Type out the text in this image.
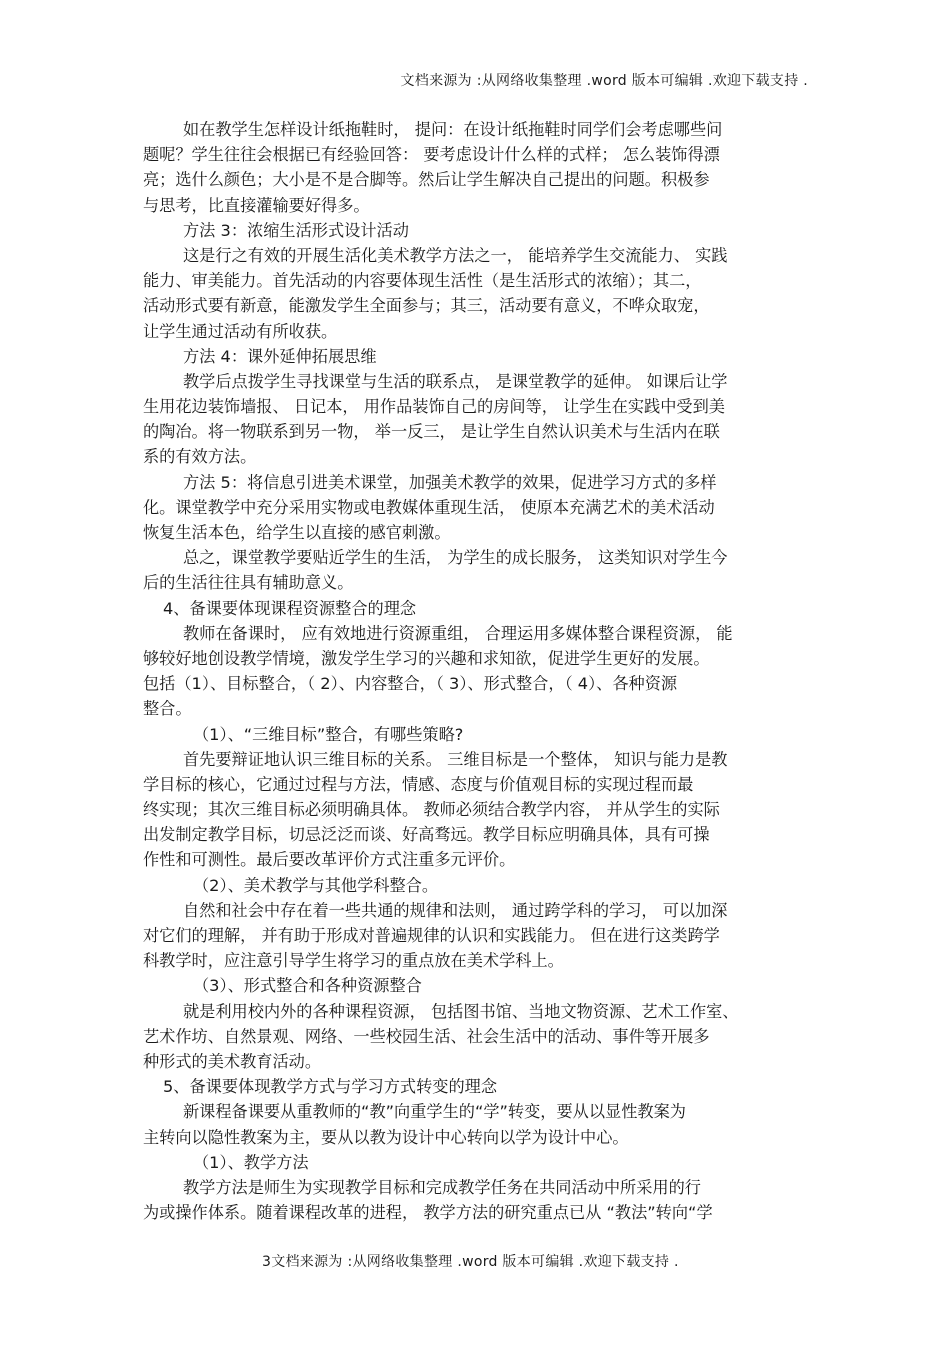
文档来源为 :从网络收集整理 .word 版本可编辑 .欢迎下载支持 .
如在教学生怎样设计纸拖鞋时， 提问：在设计纸拖鞋时同学们会考虑哪些问
题呢？学生往往会根据已有经验回答： 要考虑设计什么样的式样； 怎么装饰得漂
亮；选什么颜色；大小是不是合脚等。然后让学生解决自己提出的问题。积极参
与思考，比直接灌输要好得多。
方法 3：浓缩生活形式设计活动
这是行之有效的开展生活化美术教学方法之一， 能培养学生交流能力、 实践
能力、审美能力。首先活动的内容要体现生活性（是生活形式的浓缩）；其二，
活动形式要有新意，能激发学生全面参与；其三，活动要有意义，不哗众取宠，
让学生通过活动有所收获。
方法 4：课外延伸拓展思维
教学后点拨学生寻找课堂与生活的联系点， 是课堂教学的延伸。 如课后让学
生用花边装饰墙报、 日记本， 用作品装饰自己的房间等， 让学生在实践中受到美
的陶冶。将一物联系到另一物， 举一反三， 是让学生自然认识美术与生活内在联
系的有效方法。
方法 5：将信息引进美术课堂，加强美术教学的效果，促进学习方式的多样
化。课堂教学中充分采用实物或电教媒体重现生活， 使原本充满艺术的美术活动
恢复生活本色，给学生以直接的感官刺激。
总之，课堂教学要贴近学生的生活， 为学生的成长服务， 这类知识对学生今
后的生活往往具有辅助意义。
4、备课要体现课程资源整合的理念
教师在备课时， 应有效地进行资源重组， 合理运用多媒体整合课程资源， 能
够较好地创设教学情境，激发学生学习的兴趣和求知欲，促进学生更好的发展。
包括（1）、目标整合，（ 2）、内容整合，（ 3）、形式整合，（ 4）、各种资源
整合。
（1）、“三维目标”整合，有哪些策略?
首先要辩证地认识三维目标的关系。 三维目标是一个整体， 知识与能力是教
学目标的核心，它通过过程与方法，情感、态度与价值观目标的实现过程而最
终实现；其次三维目标必须明确具体。 教师必须结合教学内容， 并从学生的实际
出发制定教学目标，切忌泛泛而谈、好高骛远。教学目标应明确具体，具有可操
作性和可测性。最后要改革评价方式注重多元评价。
（2）、美术教学与其他学科整合。
自然和社会中存在着一些共通的规律和法则， 通过跨学科的学习， 可以加深
对它们的理解， 并有助于形成对普遍规律的认识和实践能力。 但在进行这类跨学
科教学时，应注意引导学生将学习的重点放在美术学科上。
（3）、形式整合和各种资源整合
就是利用校内外的各种课程资源， 包括图书馆、当地文物资源、艺术工作室、
艺术作坊、自然景观、网络、一些校园生活、社会生活中的活动、事件等开展多
种形式的美术教育活动。
5、备课要体现教学方式与学习方式转变的理念
新课程备课要从重教师的“教”向重学生的“学”转变，要从以显性教案为
主转向以隐性教案为主，要从以教为设计中心转向以学为设计中心。
（1）、教学方法
教学方法是师生为实现教学目标和完成教学任务在共同活动中所采用的行
为或操作体系。随着课程改革的进程， 教学方法的研究重点已从 “教法”转向“学
3文档来源为 :从网络收集整理 .word 版本可编辑 .欢迎下载支持 .
